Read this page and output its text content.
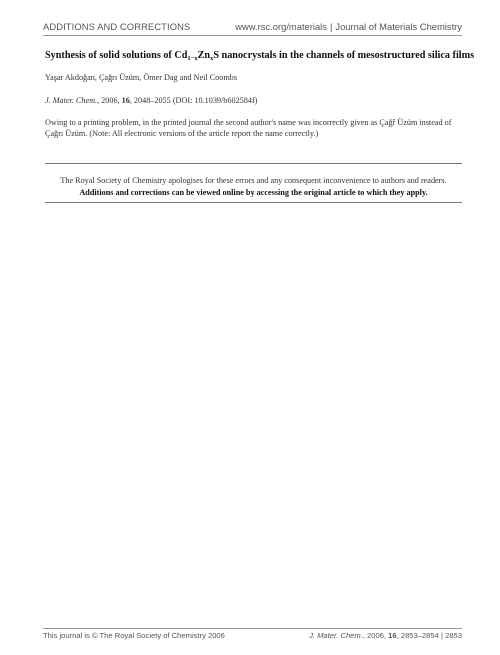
ADDITIONS AND CORRECTIONS	www.rsc.org/materials | Journal of Materials Chemistry
Synthesis of solid solutions of $Cd_{1-x}Zn_xS$ nanocrystals in the channels of mesostructured silica films
Yaşar Akdoğan, Çağrı Üzüm, Ömer Dag and Neil Coombs
J. Mater. Chem., 2006, 16, 2048–2055 (DOI: 10.1039/b602584f)
Owing to a printing problem, in the printed journal the second author's name was incorrectly given as Çağř Üzüm instead of Çağrı Üzüm. (Note: All electronic versions of the article report the name correctly.)
The Royal Society of Chemistry apologises for these errors and any consequent inconvenience to authors and readers.
Additions and corrections can be viewed online by accessing the original article to which they apply.
This journal is © The Royal Society of Chemistry 2006	J. Mater. Chem., 2006, 16, 2853–2854 | 2853
